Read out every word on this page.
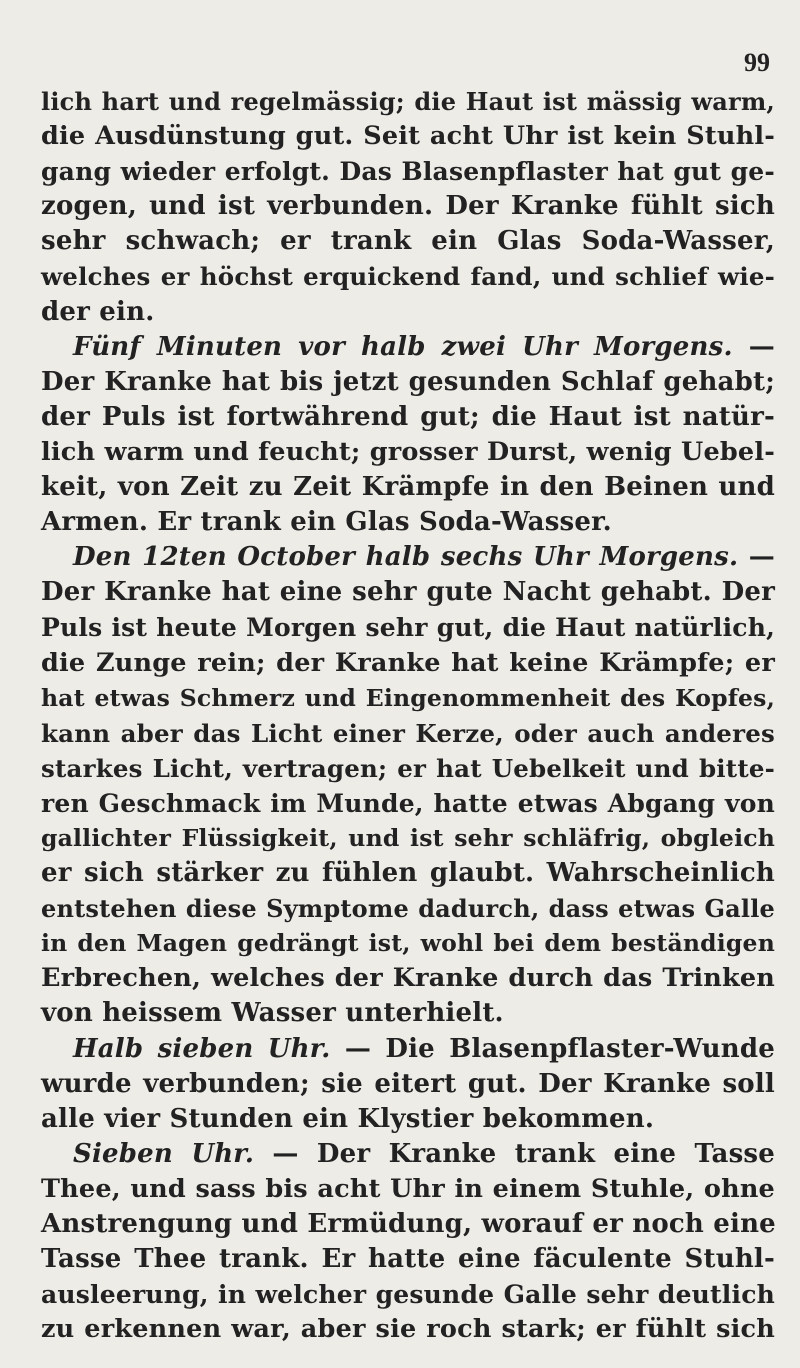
99
lich hart und regelmässig; die Haut ist mässig warm,
die Ausdünstung gut. Seit acht Uhr ist kein Stuhl-
gang wieder erfolgt. Das Blasenpflaster hat gut ge-
zogen, und ist verbunden. Der Kranke fühlt sich
sehr schwach; er trank ein Glas Soda-Wasser,
welches er höchst erquickend fand, und schlief wie-
der ein.
Fünf Minuten vor halb zwei Uhr Morgens. —
Der Kranke hat bis jetzt gesunden Schlaf gehabt;
der Puls ist fortwährend gut; die Haut ist natür-
lich warm und feucht; grosser Durst, wenig Uebel-
keit, von Zeit zu Zeit Krämpfe in den Beinen und
Armen. Er trank ein Glas Soda-Wasser.
Den 12ten October halb sechs Uhr Morgens. —
Der Kranke hat eine sehr gute Nacht gehabt. Der
Puls ist heute Morgen sehr gut, die Haut natürlich,
die Zunge rein; der Kranke hat keine Krämpfe; er
hat etwas Schmerz und Eingenommenheit des Kopfes,
kann aber das Licht einer Kerze, oder auch anderes
starkes Licht, vertragen; er hat Uebelkeit und bitte-
ren Geschmack im Munde, hatte etwas Abgang von
gallichter Flüssigkeit, und ist sehr schläfrig, obgleich
er sich stärker zu fühlen glaubt. Wahrscheinlich
entstehen diese Symptome dadurch, dass etwas Galle
in den Magen gedrängt ist, wohl bei dem beständigen
Erbrechen, welches der Kranke durch das Trinken
von heissem Wasser unterhielt.
Halb sieben Uhr. — Die Blasenpflaster-Wunde
wurde verbunden; sie eitert gut. Der Kranke soll
alle vier Stunden ein Klystier bekommen.
Sieben Uhr. — Der Kranke trank eine Tasse
Thee, und sass bis acht Uhr in einem Stuhle, ohne
Anstrengung und Ermüdung, worauf er noch eine
Tasse Thee trank. Er hatte eine fäculente Stuhl-
ausleerung, in welcher gesunde Galle sehr deutlich
zu erkennen war, aber sie roch stark; er fühlt sich
